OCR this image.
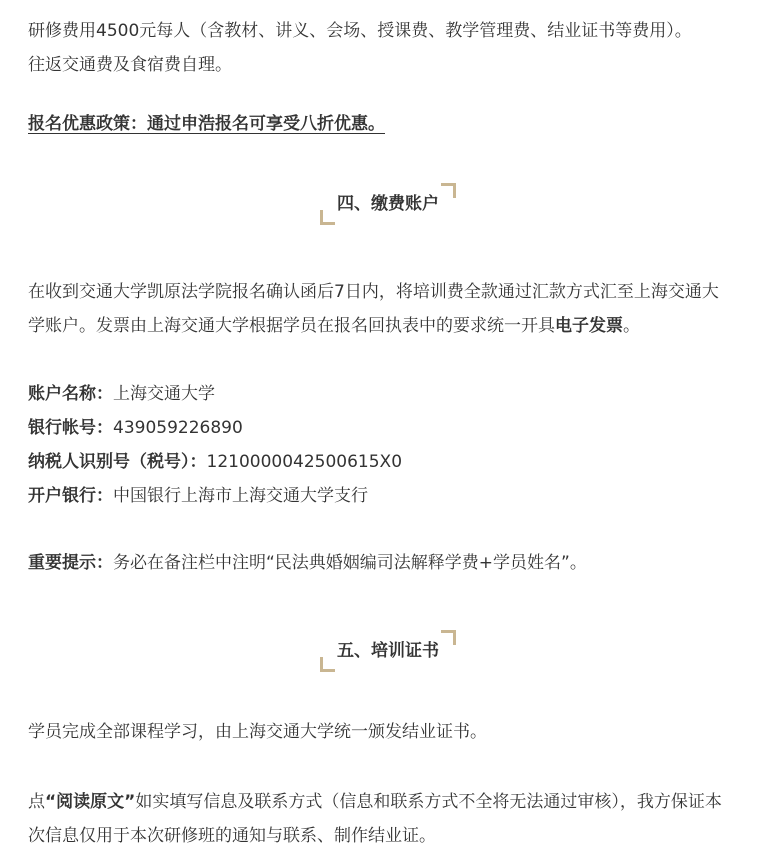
研修费用4500元每人（含教材、讲义、会场、授课费、教学管理费、结业证书等费用）。
往返交通费及食宿费自理。

报名优惠政策：通过申浩报名可享受八折优惠。

四、缴费账户

在收到交通大学凯原法学院报名确认函后7日内，将培训费全款通过汇款方式汇至上海交通大
学账户。发票由上海交通大学根据学员在报名回执表中的要求统一开具电子发票。

账户名称：上海交通大学

银行帐号：439059226890

纳税人识别号（税号）：1210000042500615X0

开户银行：中国银行上海市上海交通大学支行

重要提示：务必在备注栏中注明“民法典婚姻编司法解释学费+学员姓名”。

五、培训证书

学员完成全部课程学习，由上海交通大学统一颁发结业证书。

点“阅读原文”如实填写信息及联系方式（信息和联系方式不全将无法通过审核），我方保证本
次信息仅用于本次研修班的通知与联系、制作结业证。
